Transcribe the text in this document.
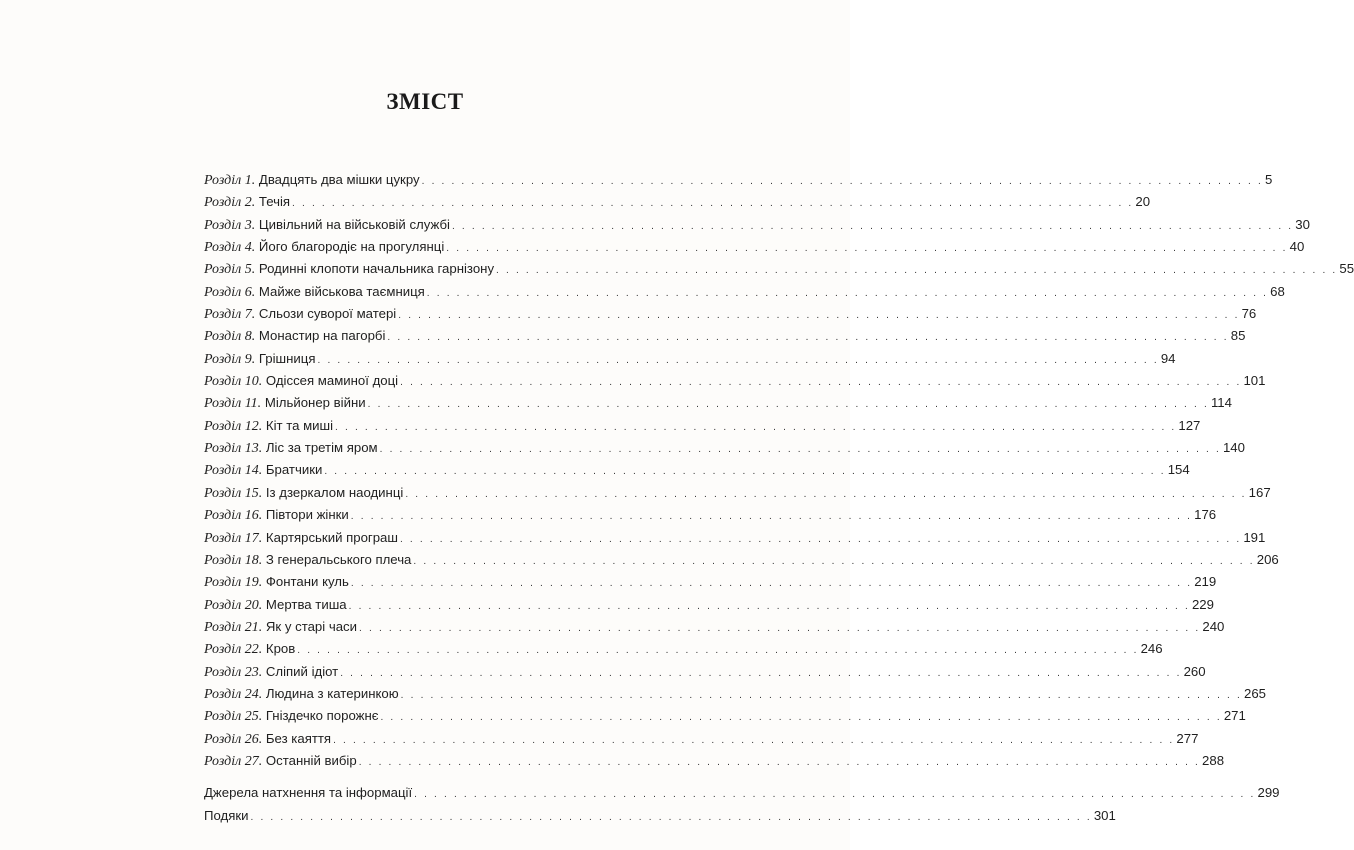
ЗМІСТ
Розділ 1. Двадцять два мішки цукру . . . . . . . . . . . . . . . . . . . . . . . . . . . . . . . . . . . . . . . . . . . . . . . . . . . . . . . . . . . . . . . . . . . . . . . . . . . . . . . . . . . . . 5
Розділ 2. Течія . . . . . . . . . . . . . . . . . . . . . . . . . . . . . . . . . . . . . . . . . . . . . . . . . . . . . . . . . . . . . . . . . . . . . . . . . . . . . . . . . . . . . 20
Розділ 3. Цивільний на військовій службі . . . . . . . . . . . . . . . . . . . . . . . . . . . . . . . . . . . . . . . . . . . . . . . . . . . . . . . . . . . . . . . . . . . . . . . . . . . . . . . . . . . . . 30
Розділ 4. Його благородіє на прогулянці . . . . . . . . . . . . . . . . . . . . . . . . . . . . . . . . . . . . . . . . . . . . . . . . . . . . . . . . . . . . . . . . . . . . . . . . . . . . . . . . . . . . . 40
Розділ 5. Родинні клопоти начальника гарнізону . . . . . . . . . . . . . . . . . . . . . . . . . . . . . . . . . . . . . . . . . . . . . . . . . . . . . . . . . . . . . . . . . . . . . . . . . . . . . . . . . . . . . 55
Розділ 6. Майже військова таємниця . . . . . . . . . . . . . . . . . . . . . . . . . . . . . . . . . . . . . . . . . . . . . . . . . . . . . . . . . . . . . . . . . . . . . . . . . . . . . . . . . . . . . 68
Розділ 7. Сльози суворої матері . . . . . . . . . . . . . . . . . . . . . . . . . . . . . . . . . . . . . . . . . . . . . . . . . . . . . . . . . . . . . . . . . . . . . . . . . . . . . . . . . . . . . 76
Розділ 8. Монастир на пагорбі . . . . . . . . . . . . . . . . . . . . . . . . . . . . . . . . . . . . . . . . . . . . . . . . . . . . . . . . . . . . . . . . . . . . . . . . . . . . . . . . . . . . . 85
Розділ 9. Грішниця . . . . . . . . . . . . . . . . . . . . . . . . . . . . . . . . . . . . . . . . . . . . . . . . . . . . . . . . . . . . . . . . . . . . . . . . . . . . . . . . . . . . . 94
Розділ 10. Одіссея маминої доці . . . . . . . . . . . . . . . . . . . . . . . . . . . . . . . . . . . . . . . . . . . . . . . . . . . . . . . . . . . . . . . . . . . . . . . . . . . . . . . . . . . . . 101
Розділ 11. Мільйонер війни . . . . . . . . . . . . . . . . . . . . . . . . . . . . . . . . . . . . . . . . . . . . . . . . . . . . . . . . . . . . . . . . . . . . . . . . . . . . . . . . . . . . . 114
Розділ 12. Кіт та миші . . . . . . . . . . . . . . . . . . . . . . . . . . . . . . . . . . . . . . . . . . . . . . . . . . . . . . . . . . . . . . . . . . . . . . . . . . . . . . . . . . . . . 127
Розділ 13. Ліс за третім яром . . . . . . . . . . . . . . . . . . . . . . . . . . . . . . . . . . . . . . . . . . . . . . . . . . . . . . . . . . . . . . . . . . . . . . . . . . . . . . . . . . . . . 140
Розділ 14. Братчики . . . . . . . . . . . . . . . . . . . . . . . . . . . . . . . . . . . . . . . . . . . . . . . . . . . . . . . . . . . . . . . . . . . . . . . . . . . . . . . . . . . . . 154
Розділ 15. Із дзеркалом наодинці . . . . . . . . . . . . . . . . . . . . . . . . . . . . . . . . . . . . . . . . . . . . . . . . . . . . . . . . . . . . . . . . . . . . . . . . . . . . . . . . . . . . . 167
Розділ 16. Півтори жінки . . . . . . . . . . . . . . . . . . . . . . . . . . . . . . . . . . . . . . . . . . . . . . . . . . . . . . . . . . . . . . . . . . . . . . . . . . . . . . . . . . . . . 176
Розділ 17. Картярський програш . . . . . . . . . . . . . . . . . . . . . . . . . . . . . . . . . . . . . . . . . . . . . . . . . . . . . . . . . . . . . . . . . . . . . . . . . . . . . . . . . . . . . 191
Розділ 18. З генеральського плеча . . . . . . . . . . . . . . . . . . . . . . . . . . . . . . . . . . . . . . . . . . . . . . . . . . . . . . . . . . . . . . . . . . . . . . . . . . . . . . . . . . . . . 206
Розділ 19. Фонтани куль . . . . . . . . . . . . . . . . . . . . . . . . . . . . . . . . . . . . . . . . . . . . . . . . . . . . . . . . . . . . . . . . . . . . . . . . . . . . . . . . . . . . . 219
Розділ 20. Мертва тиша . . . . . . . . . . . . . . . . . . . . . . . . . . . . . . . . . . . . . . . . . . . . . . . . . . . . . . . . . . . . . . . . . . . . . . . . . . . . . . . . . . . . . 229
Розділ 21. Як у старі часи . . . . . . . . . . . . . . . . . . . . . . . . . . . . . . . . . . . . . . . . . . . . . . . . . . . . . . . . . . . . . . . . . . . . . . . . . . . . . . . . . . . . . 240
Розділ 22. Кров . . . . . . . . . . . . . . . . . . . . . . . . . . . . . . . . . . . . . . . . . . . . . . . . . . . . . . . . . . . . . . . . . . . . . . . . . . . . . . . . . . . . . 246
Розділ 23. Сліпий ідіот . . . . . . . . . . . . . . . . . . . . . . . . . . . . . . . . . . . . . . . . . . . . . . . . . . . . . . . . . . . . . . . . . . . . . . . . . . . . . . . . . . . . . 260
Розділ 24. Людина з катеринкою . . . . . . . . . . . . . . . . . . . . . . . . . . . . . . . . . . . . . . . . . . . . . . . . . . . . . . . . . . . . . . . . . . . . . . . . . . . . . . . . . . . . . 265
Розділ 25. Гніздечко порожнє . . . . . . . . . . . . . . . . . . . . . . . . . . . . . . . . . . . . . . . . . . . . . . . . . . . . . . . . . . . . . . . . . . . . . . . . . . . . . . . . . . . . . 271
Розділ 26. Без каяття . . . . . . . . . . . . . . . . . . . . . . . . . . . . . . . . . . . . . . . . . . . . . . . . . . . . . . . . . . . . . . . . . . . . . . . . . . . . . . . . . . . . . 277
Розділ 27. Останній вибір . . . . . . . . . . . . . . . . . . . . . . . . . . . . . . . . . . . . . . . . . . . . . . . . . . . . . . . . . . . . . . . . . . . . . . . . . . . . . . . . . . . . . 288
Джерела натхнення та інформації . . . . . . . . . . . . . . . . . . . . . . . . . . . . . . . . . . . . . . . . . . . . . . . . . . . . . . . . . . . . . . . . . . . . . . . . . . . . . . . . . . . . . 299
Подяки . . . . . . . . . . . . . . . . . . . . . . . . . . . . . . . . . . . . . . . . . . . . . . . . . . . . . . . . . . . . . . . . . . . . . . . . . . . . . . . . . . . . . 301
